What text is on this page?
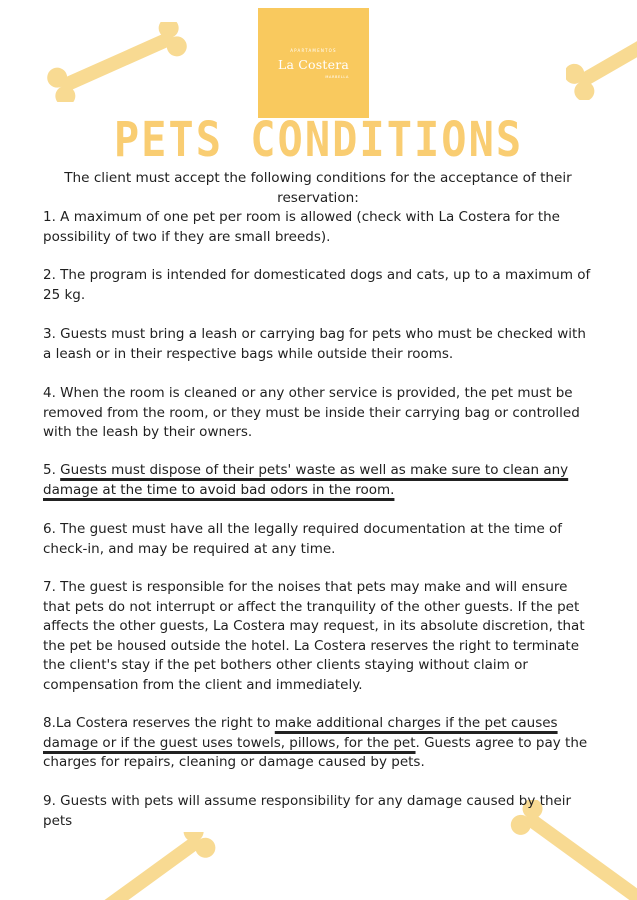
APARTAMENTOS
La Costera
MARBELLA
PETS CONDITIONS
The client must accept the following conditions for the acceptance of their reservation:

1. A maximum of one pet per room is allowed (check with La Costera for the possibility of two if they are small breeds).

2. The program is intended for domesticated dogs and cats, up to a maximum of 25 kg.

3. Guests must bring a leash or carrying bag for pets who must be checked with a leash or in their respective bags while outside their rooms.

4. When the room is cleaned or any other service is provided, the pet must be removed from the room, or they must be inside their carrying bag or controlled with the leash by their owners.

5. Guests must dispose of their pets' waste as well as make sure to clean any damage at the time to avoid bad odors in the room.

6. The guest must have all the legally required documentation at the time of check-in, and may be required at any time.

7. The guest is responsible for the noises that pets may make and will ensure that pets do not interrupt or affect the tranquility of the other guests. If the pet affects the other guests, La Costera may request, in its absolute discretion, that the pet be housed outside the hotel. La Costera reserves the right to terminate the client's stay if the pet bothers other clients staying without claim or compensation from the client and immediately.

8.La Costera reserves the right to make additional charges if the pet causes damage or if the guest uses towels, pillows, for the pet. Guests agree to pay the charges for repairs, cleaning or damage caused by pets.

9. Guests with pets will assume responsibility for any damage caused by their pets
